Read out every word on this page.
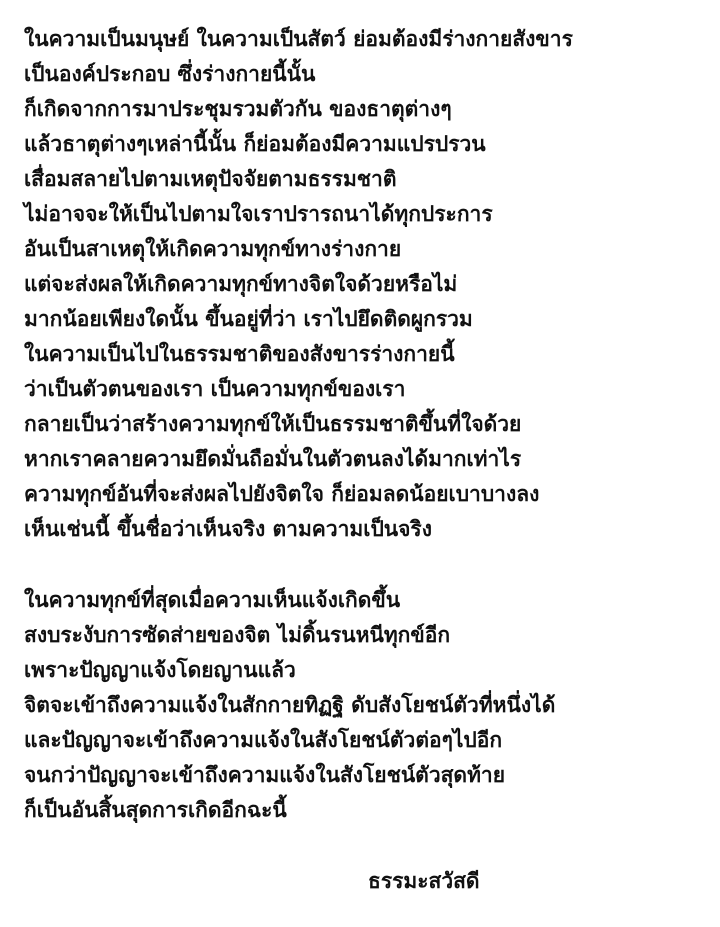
ในความเป็นมนุษย์ ในความเป็นสัตว์ ย่อมต้องมีร่างกายสังขาร
เป็นองค์ประกอบ ซึ่งร่างกายนี้นั้น
ก็เกิดจากการมาประชุมรวมตัวกัน ของธาตุต่างๆ
แล้วธาตุต่างๆเหล่านี้นั้น ก็ย่อมต้องมีความแปรปรวน
เสื่อมสลายไปตามเหตุปัจจัยตามธรรมชาติ
ไม่อาจจะให้เป็นไปตามใจเราปรารถนาได้ทุกประการ
อันเป็นสาเหตุให้เกิดความทุกข์ทางร่างกาย
แต่จะส่งผลให้เกิดความทุกข์ทางจิตใจด้วยหรือไม่
มากน้อยเพียงใดนั้น ขึ้นอยู่ที่ว่า เราไปยึดติดผูกรวม
ในความเป็นไปในธรรมชาติของสังขารร่างกายนี้
ว่าเป็นตัวตนของเรา เป็นความทุกข์ของเรา
กลายเป็นว่าสร้างความทุกข์ให้เป็นธรรมชาติขึ้นที่ใจด้วย
หากเราคลายความยึดมั่นถือมั่นในตัวตนลงได้มากเท่าไร
ความทุกข์อันที่จะส่งผลไปยังจิตใจ ก็ย่อมลดน้อยเบาบางลง
เห็นเช่นนี้ ขึ้นชื่อว่าเห็นจริง ตามความเป็นจริง
ในความทุกข์ที่สุดเมื่อความเห็นแจ้งเกิดขึ้น
สงบระงับการซัดส่ายของจิต ไม่ดิ้นรนหนีทุกข์อีก
เพราะปัญญาแจ้งโดยญานแล้ว
จิตจะเข้าถึงความแจ้งในสักกายทิฏฐิ ดับสังโยชน์ตัวที่หนึ่งได้
และปัญญาจะเข้าถึงความแจ้งในสังโยชน์ตัวต่อๆไปอีก
จนกว่าปัญญาจะเข้าถึงความแจ้งในสังโยชน์ตัวสุดท้าย
ก็เป็นอันสิ้นสุดการเกิดอีกฉะนี้
ธรรมะสวัสดี
